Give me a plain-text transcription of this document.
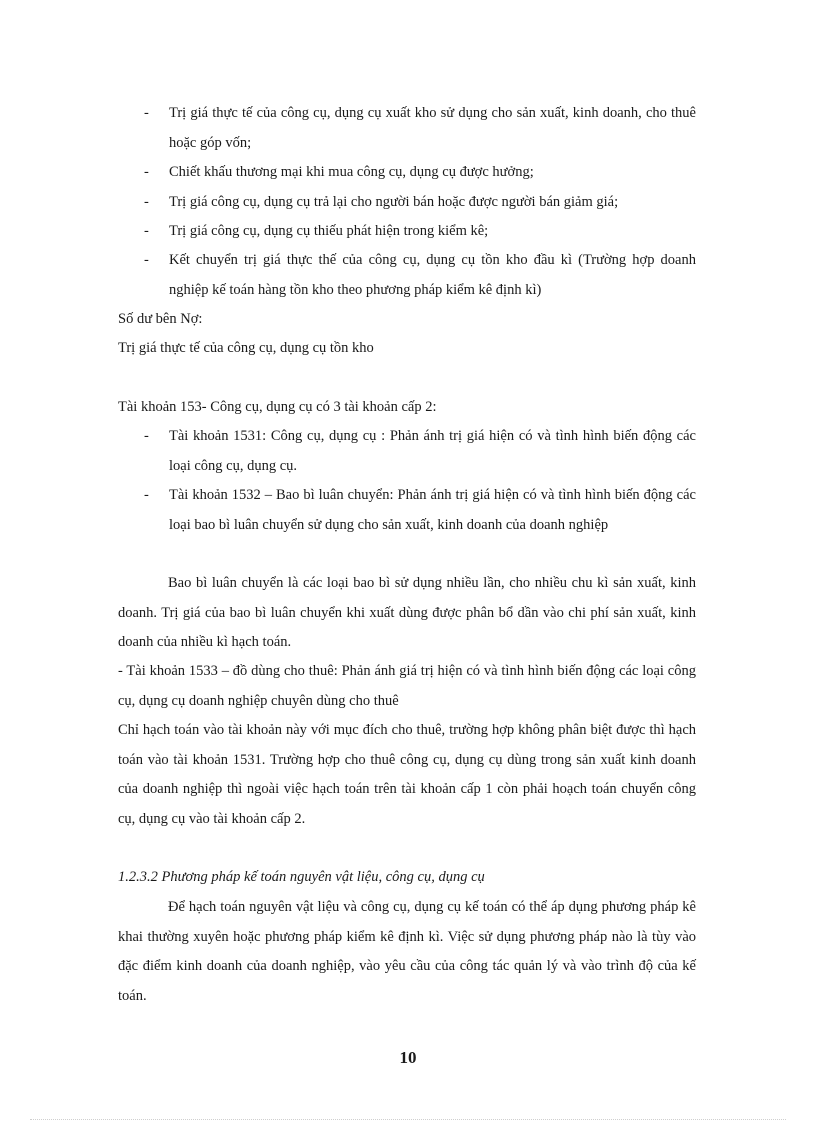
- Trị giá thực tế của công cụ, dụng cụ xuất kho sử dụng cho sản xuất, kinh doanh, cho thuê hoặc góp vốn;
- Chiết khấu thương mại khi mua công cụ, dụng cụ được hưởng;
- Trị giá công cụ, dụng cụ trả lại cho người bán hoặc được người bán giảm giá;
- Trị giá công cụ, dụng cụ thiếu phát hiện trong kiểm kê;
- Kết chuyển trị giá thực thế của công cụ, dụng cụ tồn kho đầu kì (Trường hợp doanh nghiệp kế toán hàng tồn kho theo phương pháp kiểm kê định kì)
Số dư bên Nợ:
Trị giá thực tế của công cụ, dụng cụ tồn kho
Tài khoản 153- Công cụ, dụng cụ có 3 tài khoản cấp 2:
- Tài khoản 1531: Công cụ, dụng cụ : Phản ánh trị giá hiện có và tình hình biến động các loại công cụ, dụng cụ.
- Tài khoản 1532 – Bao bì luân chuyển: Phản ánh trị giá hiện có và tình hình biến động các loại bao bì luân chuyển sử dụng cho sản xuất, kinh doanh của doanh nghiệp
Bao bì luân chuyển là các loại bao bì sử dụng nhiều lần, cho nhiều chu kì sản xuất, kinh doanh. Trị giá của bao bì luân chuyển khi xuất dùng được phân bổ dần vào chi phí sản xuất, kinh doanh của nhiều kì hạch toán.
- Tài khoản 1533 – đồ dùng cho thuê: Phản ánh giá trị hiện có và tình hình biến động các loại công cụ, dụng cụ doanh nghiệp chuyên dùng cho thuê
Chỉ hạch toán vào tài khoản này với mục đích cho thuê, trường hợp không phân biệt được thì hạch toán vào tài khoản 1531. Trường hợp cho thuê công cụ, dụng cụ dùng trong sản xuất kinh doanh của doanh nghiệp thì ngoài việc hạch toán trên tài khoản cấp 1 còn phải hoạch toán chuyển công cụ, dụng cụ vào tài khoản cấp 2.
1.2.3.2 Phương pháp kế toán nguyên vật liệu, công cụ, dụng cụ
Để hạch toán nguyên vật liệu và công cụ, dụng cụ kế toán có thể áp dụng phương pháp kê khai thường xuyên hoặc phương pháp kiểm kê định kì. Việc sử dụng phương pháp nào là tùy vào đặc điểm kinh doanh của doanh nghiệp, vào yêu cầu của công tác quản lý và vào trình độ của kế toán.
10
